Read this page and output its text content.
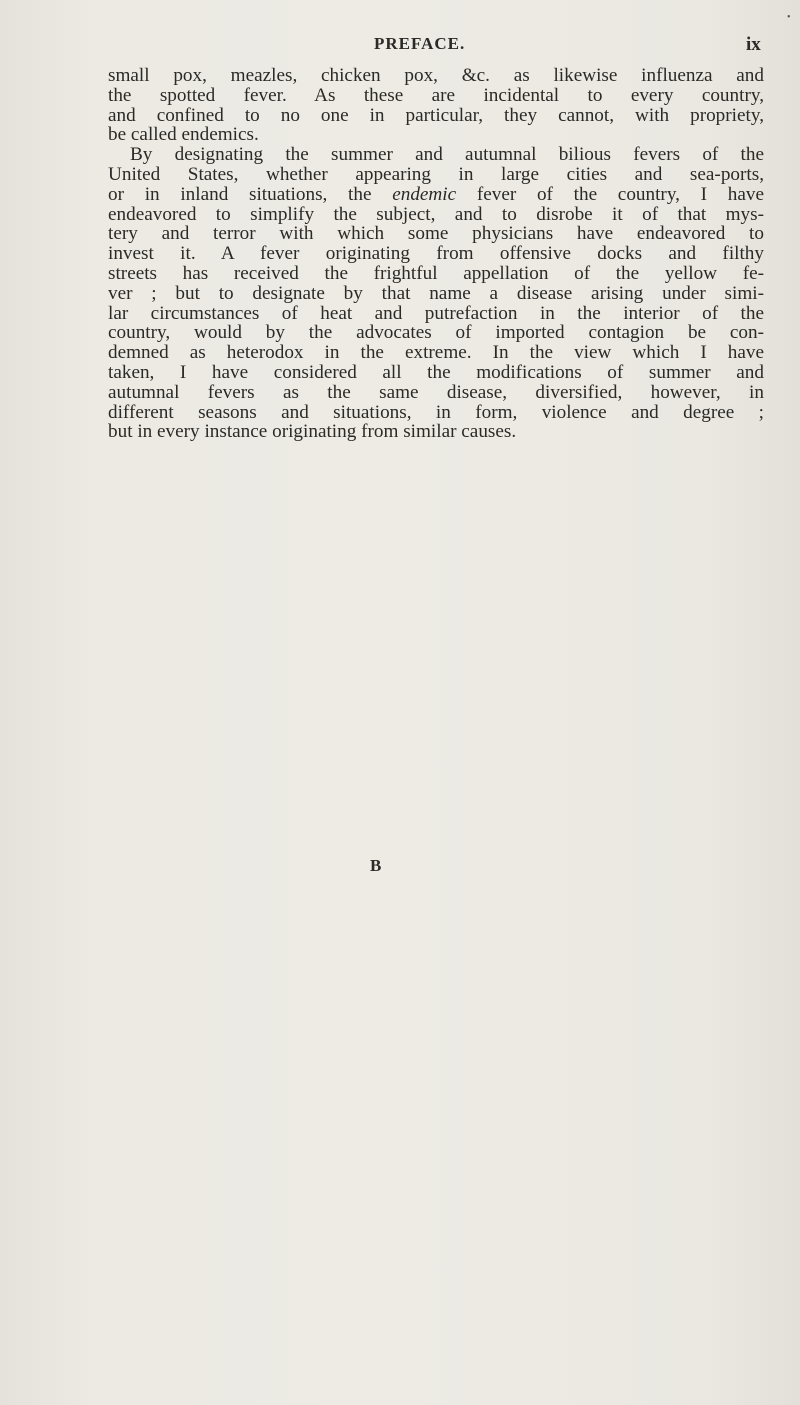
•
PREFACE.	ix
small pox, meazles, chicken pox, &c. as likewise influenza and
the spotted fever. As these are incidental to every country,
and confined to no one in particular, they cannot, with propriety,
be called endemics.
By designating the summer and autumnal bilious fevers of the
United States, whether appearing in large cities and sea-ports,
or in inland situations, the endemic fever of the country, I have
endeavored to simplify the subject, and to disrobe it of that mys-
tery and terror with which some physicians have endeavored to
invest it. A fever originating from offensive docks and filthy
streets has received the frightful appellation of the yellow fe-
ver ; but to designate by that name a disease arising under simi-
lar circumstances of heat and putrefaction in the interior of the
country, would by the advocates of imported contagion be con-
demned as heterodox in the extreme. In the view which I have
taken, I have considered all the modifications of summer and
autumnal fevers as the same disease, diversified, however, in
different seasons and situations, in form, violence and degree ;
but in every instance originating from similar causes.
B
